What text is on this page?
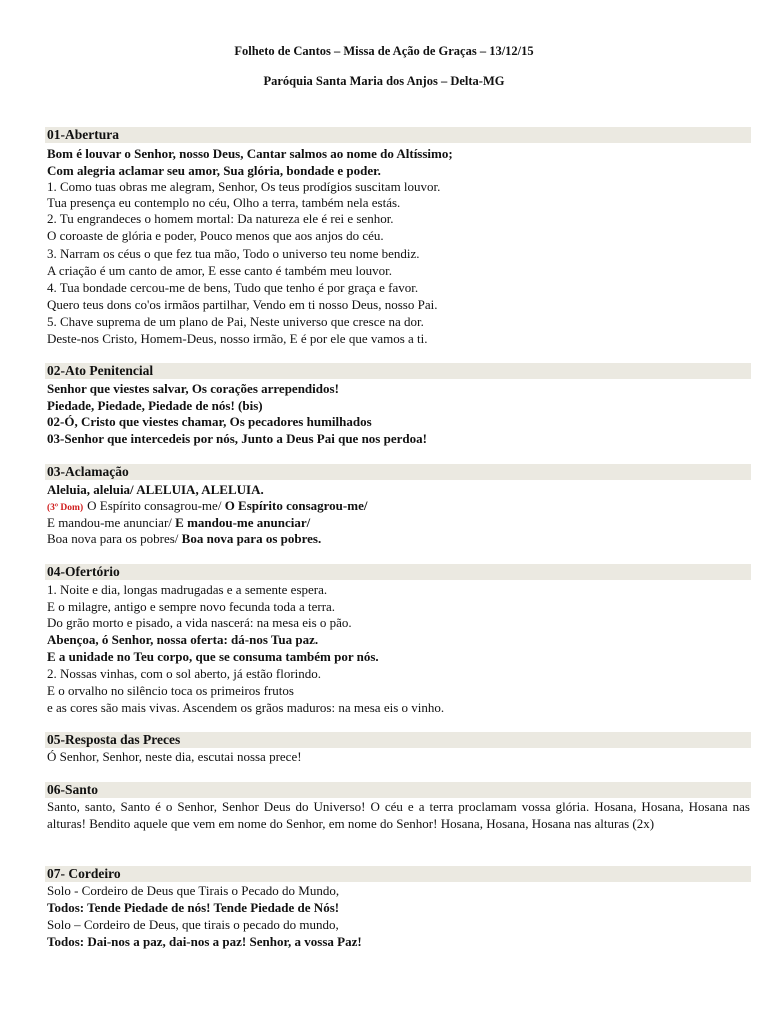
Folheto de Cantos – Missa de Ação de Graças – 13/12/15
Paróquia Santa Maria dos Anjos – Delta-MG
01-Abertura
Bom é louvar o Senhor, nosso Deus, Cantar salmos ao nome do Altíssimo;
Com alegria aclamar seu amor, Sua glória, bondade e poder.
1. Como tuas obras me alegram, Senhor, Os teus prodígios suscitam louvor.
Tua presença eu contemplo no céu, Olho a terra, também nela estás.
2. Tu engrandeces o homem mortal: Da natureza ele é rei e senhor.
O coroaste de glória e poder, Pouco menos que aos anjos do céu.
3. Narram os céus o que fez tua mão, Todo o universo teu nome bendiz.
A criação é um canto de amor, E esse canto é também meu louvor.
4. Tua bondade cercou-me de bens, Tudo que tenho é por graça e favor.
Quero teus dons co'os irmãos partilhar, Vendo em ti nosso Deus, nosso Pai.
5. Chave suprema de um plano de Pai, Neste universo que cresce na dor.
Deste-nos Cristo, Homem-Deus, nosso irmão, E é por ele que vamos a ti.
02-Ato Penitencial
Senhor que viestes salvar, Os corações arrependidos!
Piedade, Piedade, Piedade de nós! (bis)
02-Ó, Cristo que viestes chamar, Os pecadores humilhados
03-Senhor que intercedeis por nós, Junto a Deus Pai que nos perdoa!
03-Aclamação
Aleluia, aleluia/ ALELUIA, ALELUIA.
(3º Dom) O Espírito consagrou-me/ O Espírito consagrou-me/
E mandou-me anunciar/ E mandou-me anunciar/
Boa nova para os pobres/ Boa nova para os pobres.
04-Ofertório
1. Noite e dia, longas madrugadas e a semente espera.
E o milagre, antigo e sempre novo fecunda toda a terra.
Do grão morto e pisado, a vida nascerá: na mesa eis o pão.
Abençoa, ó Senhor, nossa oferta: dá-nos Tua paz.
E a unidade no Teu corpo, que se consuma também por nós.
2. Nossas vinhas, com o sol aberto, já estão florindo.
E o orvalho no silêncio toca os primeiros frutos
e as cores são mais vivas. Ascendem os grãos maduros: na mesa eis o vinho.
05-Resposta das Preces
Ó Senhor, Senhor, neste dia, escutai nossa prece!
06-Santo
Santo, santo, Santo é o Senhor, Senhor Deus do Universo! O céu e a terra proclamam vossa glória. Hosana, Hosana, Hosana nas alturas! Bendito aquele que vem em nome do Senhor, em nome do Senhor! Hosana, Hosana, Hosana nas alturas (2x)
07- Cordeiro
Solo - Cordeiro de Deus que Tirais o Pecado do Mundo,
Todos: Tende Piedade de nós! Tende Piedade de Nós!
Solo – Cordeiro de Deus, que tirais o pecado do mundo,
Todos: Dai-nos a paz, dai-nos a paz! Senhor, a vossa Paz!
